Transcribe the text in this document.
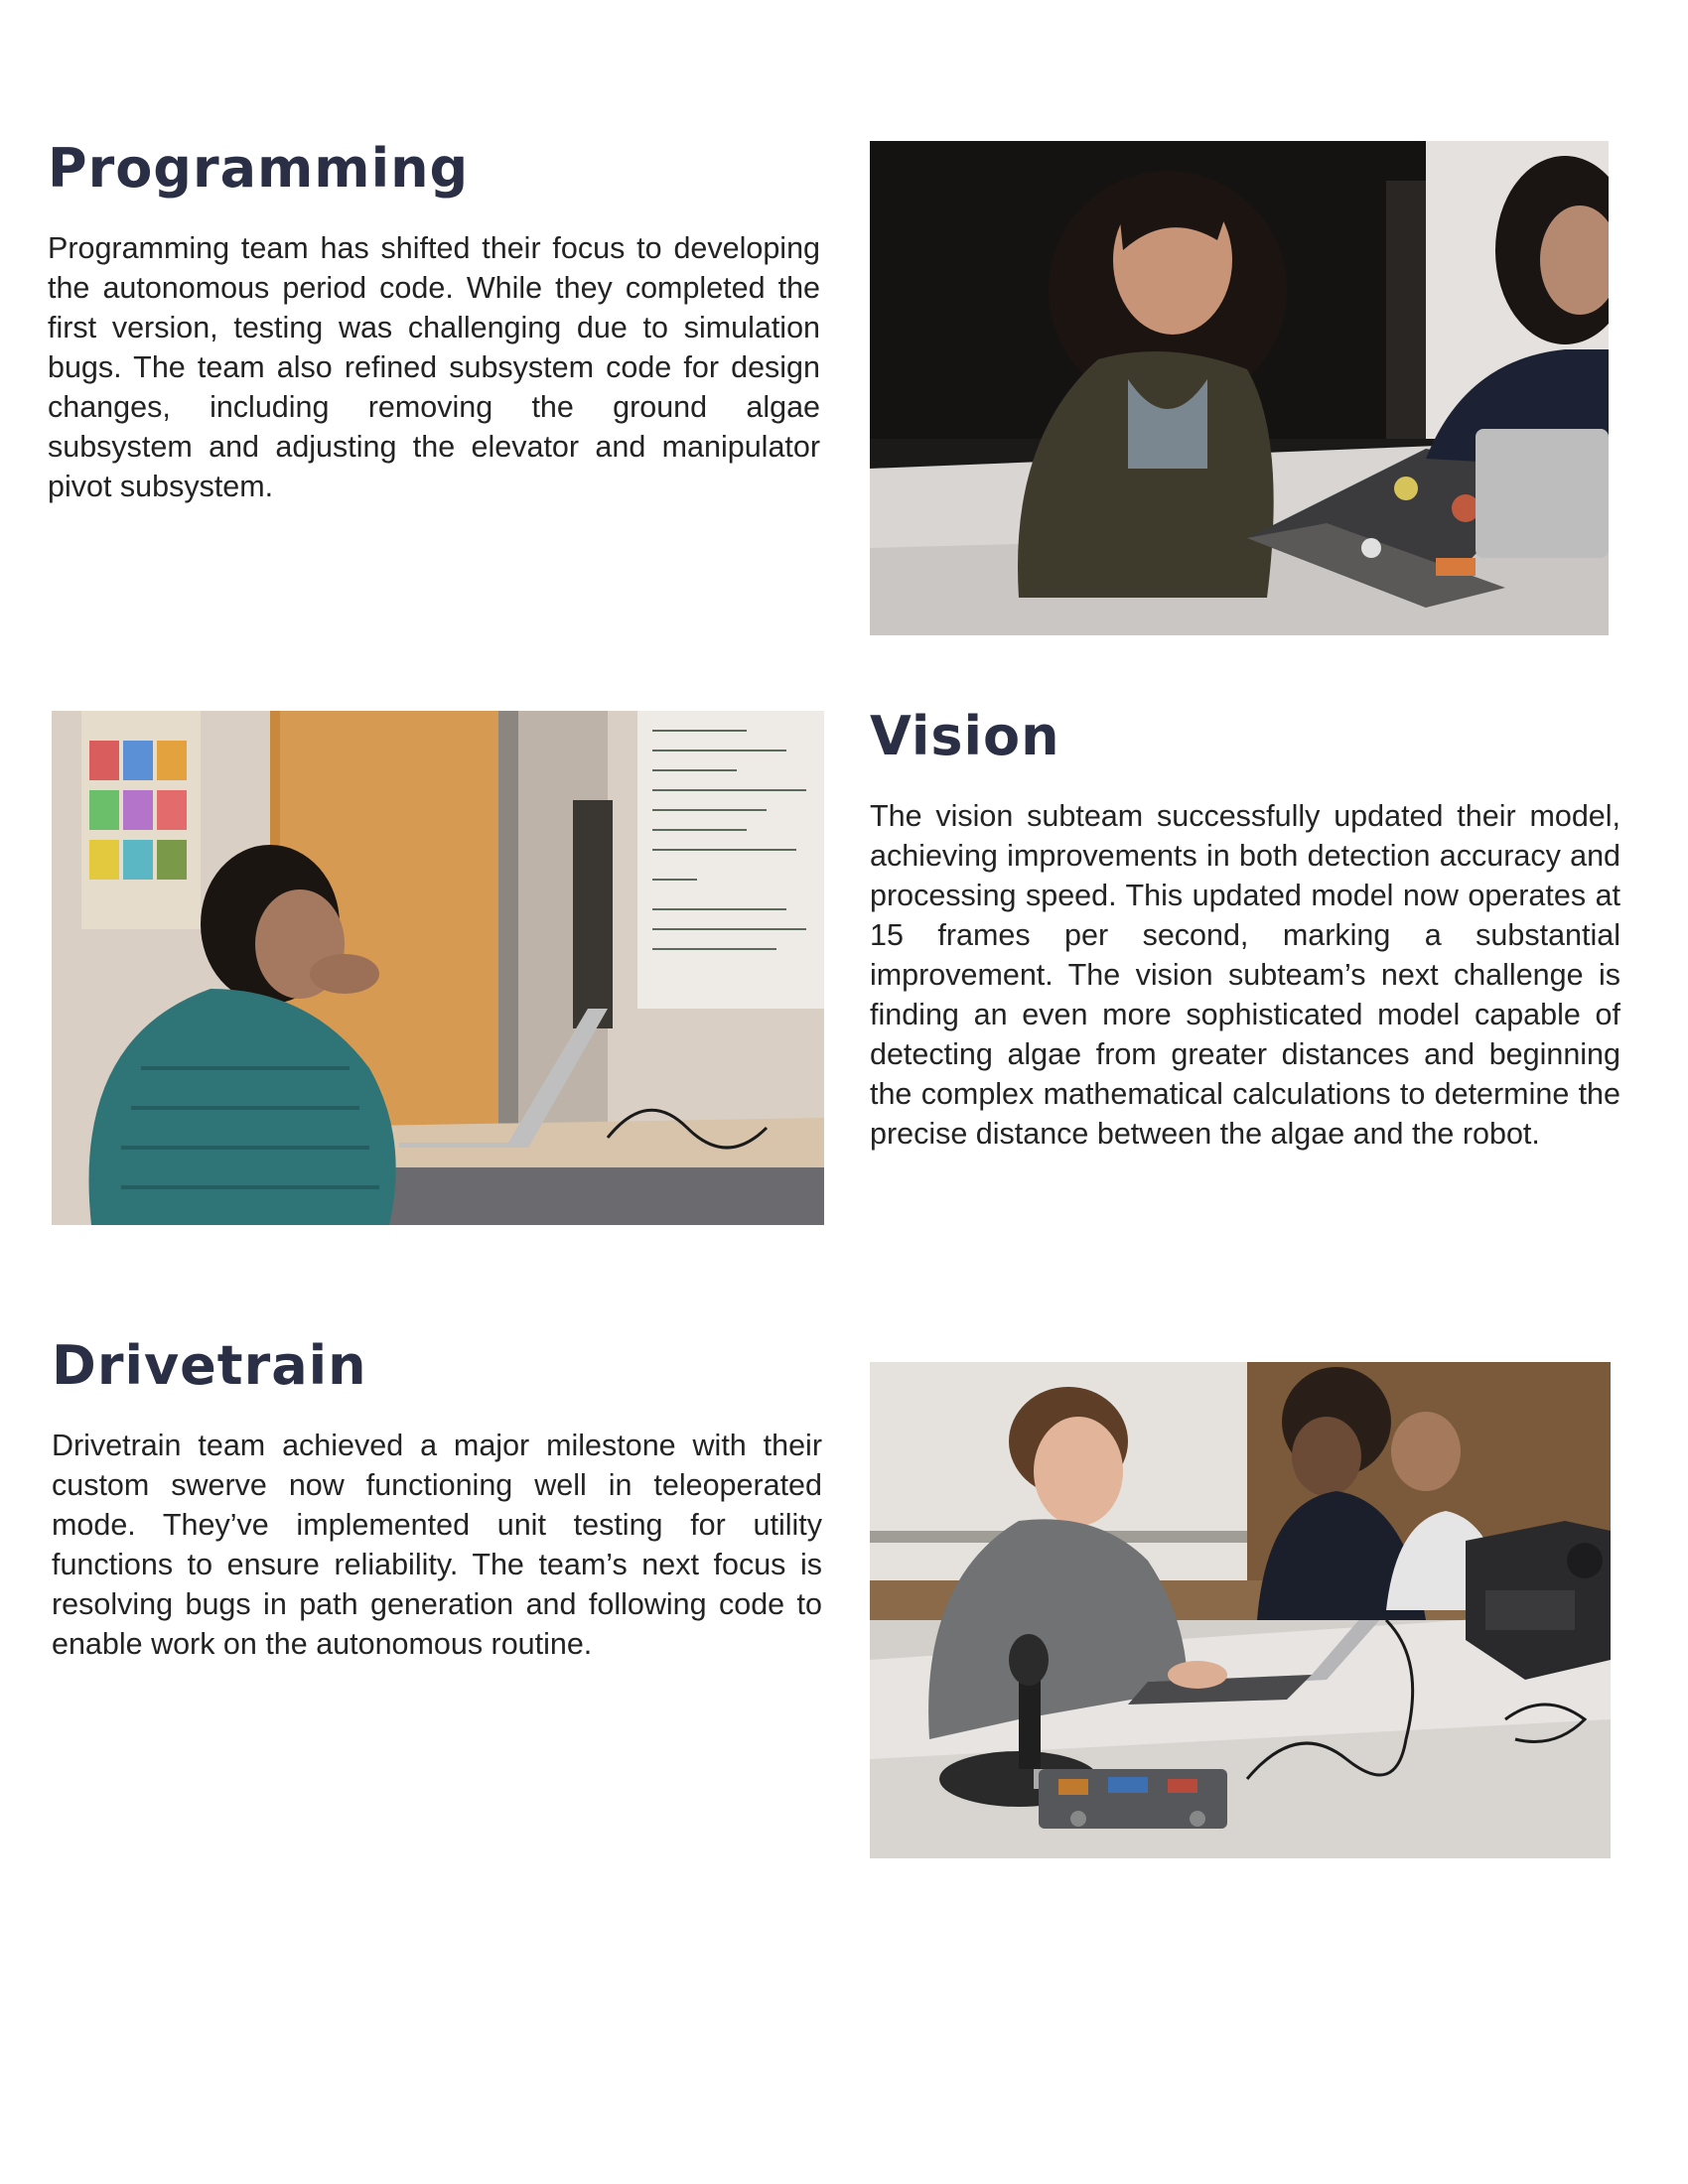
Programming

Programming team has shifted their focus to developing the autonomous period code. While they completed the first version, testing was challenging due to simulation bugs. The team also refined subsystem code for design changes, including removing the ground algae subsystem and adjusting the elevator and manipulator pivot subsystem.

Vision

The vision subteam successfully updated their model, achieving improvements in both detection accuracy and processing speed. This updated model now operates at 15 frames per second, marking a substantial improvement. The vision subteam’s next challenge is finding an even more sophisticated model capable of detecting algae from greater distances and beginning the complex mathematical calculations to determine the precise distance between the algae and the robot.

Drivetrain

Drivetrain team achieved a major milestone with their custom swerve now functioning well in teleoperated mode. They’ve implemented unit testing for utility functions to ensure reliability. The team’s next focus is resolving bugs in path generation and following code to enable work on the autonomous routine.
